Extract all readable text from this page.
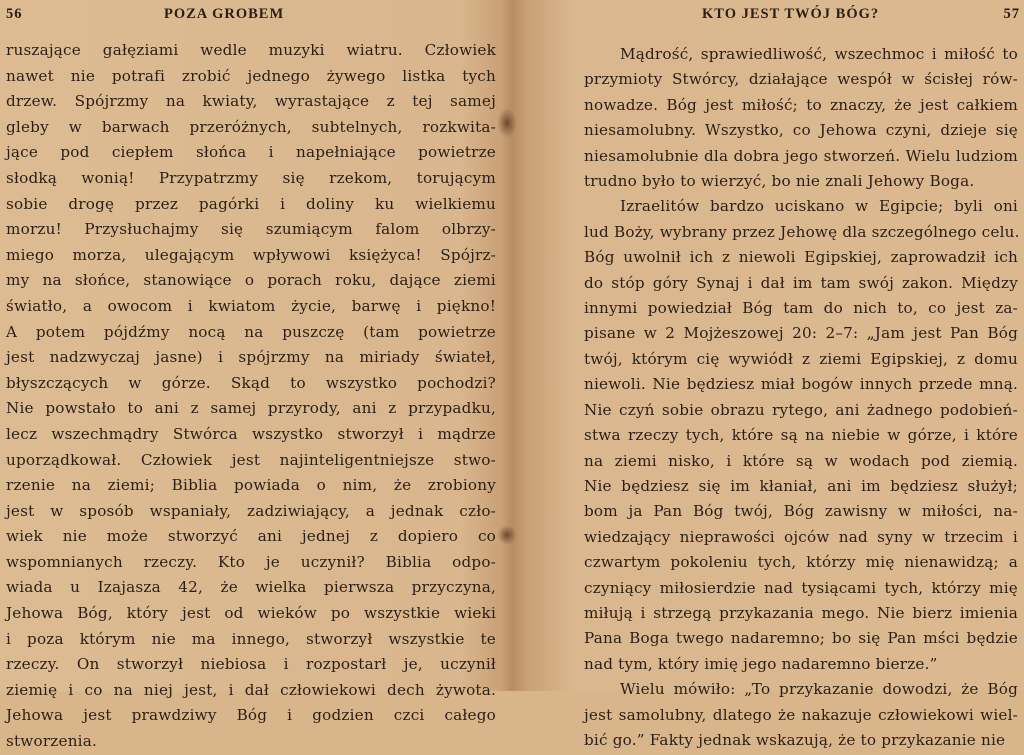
56	POZA GROBEM
ruszające gałęziami wedle muzyki wiatru. Człowiek
nawet nie potrafi zrobić jednego żywego listka tych
drzew. Spójrzmy na kwiaty, wyrastające z tej samej
gleby w barwach przeróżnych, subtelnych, rozkwita-
jące pod ciepłem słońca i napełniające powietrze
słodką wonią! Przypatrzmy się rzekom, torującym
sobie drogę przez pagórki i doliny ku wielkiemu
morzu! Przysłuchajmy się szumiącym falom olbrzy-
miego morza, ulegającym wpływowi księżyca! Spójrz-
my na słońce, stanowiące o porach roku, dające ziemi
światło, a owocom i kwiatom życie, barwę i piękno!
A potem pójdźmy nocą na puszczę (tam powietrze
jest nadzwyczaj jasne) i spójrzmy na miriady świateł,
błyszczących w górze. Skąd to wszystko pochodzi?
Nie powstało to ani z samej przyrody, ani z przypadku,
lecz wszechmądry Stwórca wszystko stworzył i mądrze
uporządkował. Człowiek jest najinteligentniejsze stwo-
rzenie na ziemi; Biblia powiada o nim, że zrobiony
jest w sposób wspaniały, zadziwiający, a jednak czło-
wiek nie może stworzyć ani jednej z dopiero co
wspomnianych rzeczy. Kto je uczynił? Biblia odpo-
wiada u Izajasza 42, że wielka pierwsza przyczyna,
Jehowa Bóg, który jest od wieków po wszystkie wieki
i poza którym nie ma innego, stworzył wszystkie te
rzeczy. On stworzył niebiosa i rozpostarł je, uczynił
ziemię i co na niej jest, i dał człowiekowi dech żywota.
Jehowa jest prawdziwy Bóg i godzien czci całego
stworzenia.
KTO JEST TWÓJ BÓG?	57
Mądrość, sprawiedliwość, wszechmoc i miłość to
przymioty Stwórcy, działające wespół w ścisłej rów-
nowadze. Bóg jest miłość; to znaczy, że jest całkiem
niesamolubny. Wszystko, co Jehowa czyni, dzieje się
niesamolubnie dla dobra jego stworzeń. Wielu ludziom
trudno było to wierzyć, bo nie znali Jehowy Boga.
Izraelitów bardzo uciskano w Egipcie; byli oni
lud Boży, wybrany przez Jehowę dla szczególnego celu.
Bóg uwolnił ich z niewoli Egipskiej, zaprowadził ich
do stóp góry Synaj i dał im tam swój zakon. Między
innymi powiedział Bóg tam do nich to, co jest za-
pisane w 2 Mojżeszowej 20: 2–7: „Jam jest Pan Bóg
twój, którym cię wywiódł z ziemi Egipskiej, z domu
niewoli. Nie będziesz miał bogów innych przede mną.
Nie czyń sobie obrazu rytego, ani żadnego podobień-
stwa rzeczy tych, które są na niebie w górze, i które
na ziemi nisko, i które są w wodach pod ziemią.
Nie będziesz się im kłaniał, ani im będziesz służył;
bom ja Pan Bóg twój, Bóg zawisny w miłości, na-
wiedzający nieprawości ojców nad syny w trzecim i
czwartym pokoleniu tych, którzy mię nienawidzą; a
czyniący miłosierdzie nad tysiącami tych, którzy mię
miłują i strzegą przykazania mego. Nie bierz imienia
Pana Boga twego nadaremno; bo się Pan mści będzie
nad tym, który imię jego nadaremno bierze.”
Wielu mówiło: „To przykazanie dowodzi, że Bóg
jest samolubny, dlatego że nakazuje człowiekowi wiel-
bić go.” Fakty jednak wskazują, że to przykazanie nie
